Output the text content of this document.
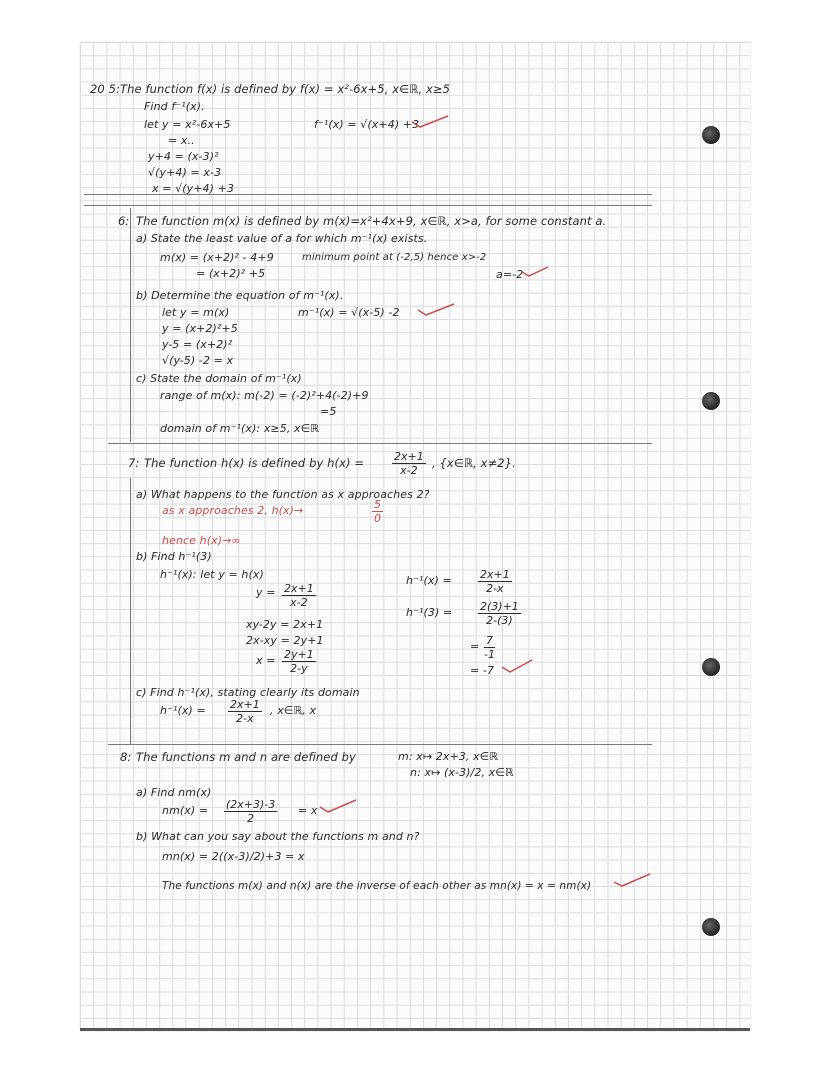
20 5: The function f(x) is defined by f(x) = x²-6x+5, x∈ℝ, x≥5
Find f⁻¹(x).
let y = x²-6x+5
= x..
y+4 = (x-3)²
√(y+4) = x-3
x = √(y+4) +3
f⁻¹(x) = √(x+4) +3
6: The function m(x) is defined by m(x)=x²+4x+9, x∈ℝ, x>a, for some constant a.
a) State the least value of a for which m⁻¹(x) exists.
m(x) = (x+2)² - 4+9
= (x+2)² +5
minimum point at (-2,5) hence x>-2
a=-2
b) Determine the equation of m⁻¹(x).
let y = m(x)
y = (x+2)²+5
y-5 = (x+2)²
√(y-5) -2 = x
m⁻¹(x) = √(x-5) -2
c) State the domain of m⁻¹(x)
range of m(x): m(-2) = (-2)²+4(-2)+9
=5
domain of m⁻¹(x): x≥5, x∈ℝ
7: The function h(x) is defined by h(x) =	$\frac{2x+1}{x-2}$ , {x∈ℝ, x≠2}.
a) What happens to the function as x approaches 2?
as x approaches 2, h(x)→	$\frac{5}{0}$
hence h(x)→∞
b) Find h⁻¹(3)
h⁻¹(x): let y = h(x)
$y = \frac{2x+1}{x-2}$
xy-2y = 2x+1
2x-xy = 2y+1
$x = \frac{2y+1}{2-y}$
$h^{-1}(x) = \frac{2x+1}{2-x}$
$h^{-1}(3) = \frac{2(3)+1}{2-(3)}$
= $\frac{7}{-1}$
= -7
c) Find h⁻¹(x), stating clearly its domain
$h^{-1}(x) = \frac{2x+1}{2-x}$ , x∈ℝ, x
8: The functions m and n are defined by	m: x↦ 2x+3, x∈ℝ
n: x↦ (x-3)/2, x∈ℝ
a) Find nm(x)
$nm(x) = \frac{(2x+3)-3}{2} = x$
b) What can you say about the functions m and n?
mn(x) = 2((x-3)/2)+3 = x
The functions m(x) and n(x) are the inverse of each other as mn(x) = x = nm(x)
